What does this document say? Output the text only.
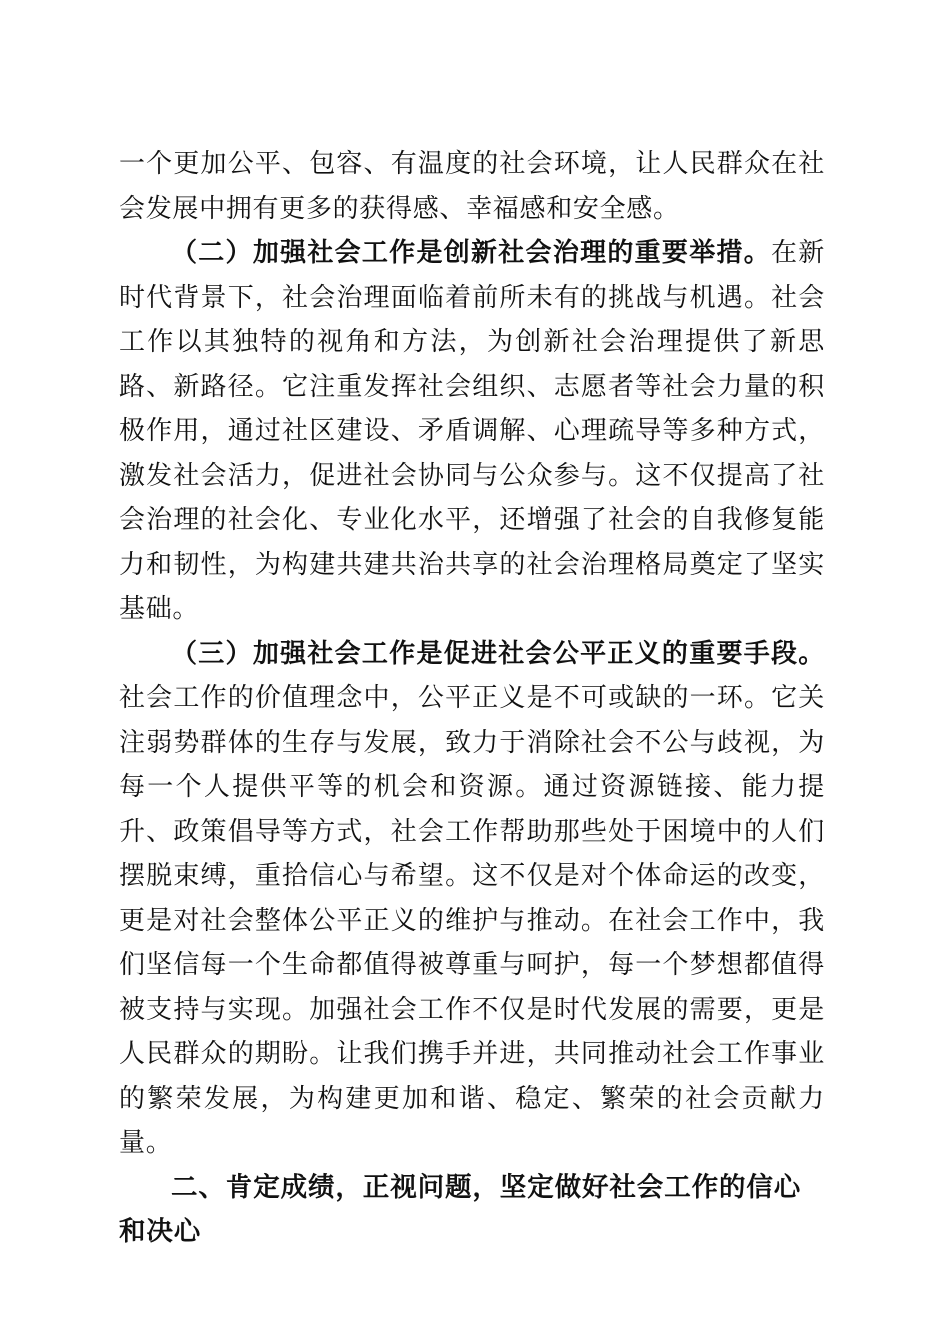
一个更加公平、包容、有温度的社会环境，让人民群众在社会发展中拥有更多的获得感、幸福感和安全感。

（二）加强社会工作是创新社会治理的重要举措。在新时代背景下，社会治理面临着前所未有的挑战与机遇。社会工作以其独特的视角和方法，为创新社会治理提供了新思路、新路径。它注重发挥社会组织、志愿者等社会力量的积极作用，通过社区建设、矛盾调解、心理疏导等多种方式，激发社会活力，促进社会协同与公众参与。这不仅提高了社会治理的社会化、专业化水平，还增强了社会的自我修复能力和韧性，为构建共建共治共享的社会治理格局奠定了坚实基础。

（三）加强社会工作是促进社会公平正义的重要手段。社会工作的价值理念中，公平正义是不可或缺的一环。它关注弱势群体的生存与发展，致力于消除社会不公与歧视，为每一个人提供平等的机会和资源。通过资源链接、能力提升、政策倡导等方式，社会工作帮助那些处于困境中的人们摆脱束缚，重拾信心与希望。这不仅是对个体命运的改变，更是对社会整体公平正义的维护与推动。在社会工作中，我们坚信每一个生命都值得被尊重与呵护，每一个梦想都值得被支持与实现。加强社会工作不仅是时代发展的需要，更是人民群众的期盼。让我们携手并进，共同推动社会工作事业的繁荣发展，为构建更加和谐、稳定、繁荣的社会贡献力量。

二、肯定成绩，正视问题，坚定做好社会工作的信心和决心
